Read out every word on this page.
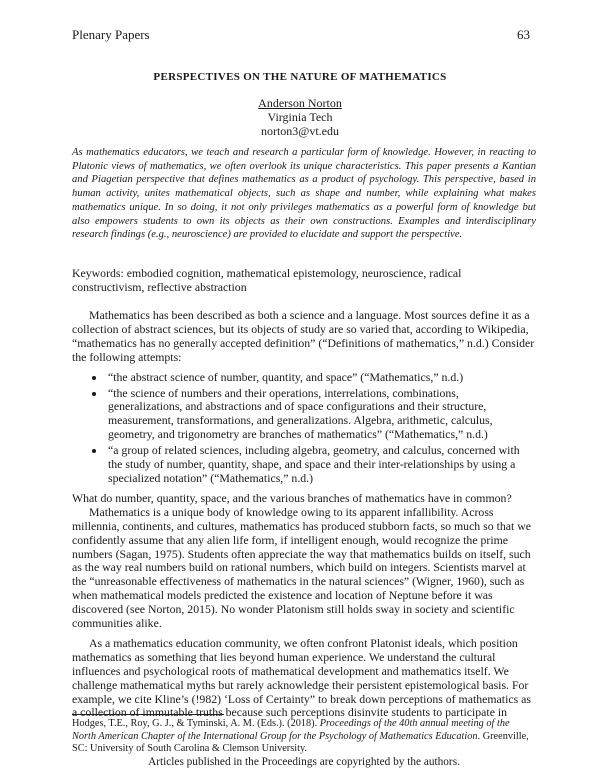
Plenary Papers	63
PERSPECTIVES ON THE NATURE OF MATHEMATICS
Anderson Norton
Virginia Tech
norton3@vt.edu
As mathematics educators, we teach and research a particular form of knowledge. However, in reacting to Platonic views of mathematics, we often overlook its unique characteristics. This paper presents a Kantian and Piagetian perspective that defines mathematics as a product of psychology. This perspective, based in human activity, unites mathematical objects, such as shape and number, while explaining what makes mathematics unique. In so doing, it not only privileges mathematics as a powerful form of knowledge but also empowers students to own its objects as their own constructions. Examples and interdisciplinary research findings (e.g., neuroscience) are provided to elucidate and support the perspective.
Keywords: embodied cognition, mathematical epistemology, neuroscience, radical constructivism, reflective abstraction

Mathematics has been described as both a science and a language. Most sources define it as a collection of abstract sciences, but its objects of study are so varied that, according to Wikipedia, “mathematics has no generally accepted definition” (“Definitions of mathematics,” n.d.) Consider the following attempts:

• “the abstract science of number, quantity, and space” (“Mathematics,” n.d.)
• “the science of numbers and their operations, interrelations, combinations, generalizations, and abstractions and of space configurations and their structure, measurement, transformations, and generalizations. Algebra, arithmetic, calculus, geometry, and trigonometry are branches of mathematics” (“Mathematics,” n.d.)
• “a group of related sciences, including algebra, geometry, and calculus, concerned with the study of number, quantity, shape, and space and their inter-relationships by using a specialized notation” (“Mathematics,” n.d.)

What do number, quantity, space, and the various branches of mathematics have in common?

Mathematics is a unique body of knowledge owing to its apparent infallibility. Across millennia, continents, and cultures, mathematics has produced stubborn facts, so much so that we confidently assume that any alien life form, if intelligent enough, would recognize the prime numbers (Sagan, 1975). Students often appreciate the way that mathematics builds on itself, such as the way real numbers build on rational numbers, which build on integers. Scientists marvel at the “unreasonable effectiveness of mathematics in the natural sciences” (Wigner, 1960), such as when mathematical models predicted the existence and location of Neptune before it was discovered (see Norton, 2015). No wonder Platonism still holds sway in society and scientific communities alike.

As a mathematics education community, we often confront Platonist ideals, which position mathematics as something that lies beyond human experience. We understand the cultural influences and psychological roots of mathematical development and mathematics itself. We challenge mathematical myths but rarely acknowledge their persistent epistemological basis. For example, we cite Kline’s (!982) ‘Loss of Certainty” to break down perceptions of mathematics as a collection of immutable truths because such perceptions disinvite students to participate in

Hodges, T.E., Roy, G. J., & Tyminski, A. M. (Eds.). (2018). Proceedings of the 40th annual meeting of the North American Chapter of the International Group for the Psychology of Mathematics Education. Greenville, SC: University of South Carolina & Clemson University.
Articles published in the Proceedings are copyrighted by the authors.
